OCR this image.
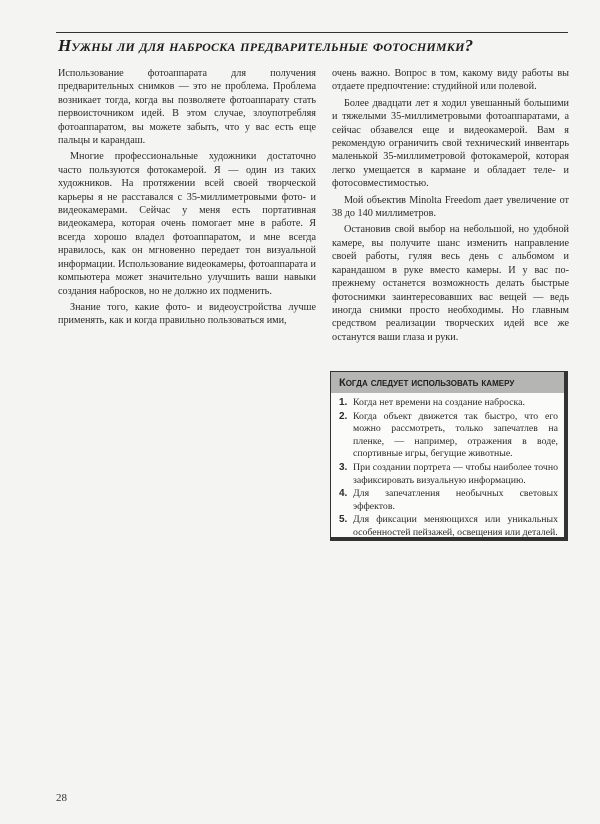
Нужны ли для наброска предварительные фотоснимки?

Использование фотоаппарата для получения предварительных снимков — это не проблема. Проблема возникает тогда, когда вы позволяете фотоаппарату стать первоисточником идей. В этом случае, злоупотребляя фотоаппаратом, вы можете забыть, что у вас есть еще пальцы и карандаш.

Многие профессиональные художники достаточно часто пользуются фотокамерой. Я — один из таких художников. На протяжении всей своей творческой карьеры я не расставался с 35-миллиметровыми фото- и видеокамерами. Сейчас у меня есть портативная видеокамера, которая очень помогает мне в работе. Я всегда хорошо владел фотоаппаратом, и мне всегда нравилось, как он мгновенно передает тон визуальной информации. Использование видеокамеры, фотоаппарата и компьютера может значительно улучшить ваши навыки создания набросков, но не должно их подменить.

Знание того, какие фото- и видеоустройства лучше применять, как и когда правильно пользоваться ими,

очень важно. Вопрос в том, какому виду работы вы отдаете предпочтение: студийной или полевой.

Более двадцати лет я ходил увешанный большими и тяжелыми 35-миллиметровыми фотоаппаратами, а сейчас обзавелся еще и видеокамерой. Вам я рекомендую ограничить свой технический инвентарь маленькой 35-миллиметровой фотокамерой, которая легко умещается в кармане и обладает теле- и фотосовместимостью.

Мой объектив Minolta Freedom дает увеличение от 38 до 140 миллиметров.

Остановив свой выбор на небольшой, но удобной камере, вы получите шанс изменить направление своей работы, гуляя весь день с альбомом и карандашом в руке вместо камеры. И у вас по-прежнему останется возможность делать быстрые фотоснимки заинтересовавших вас вещей — ведь иногда снимки просто необходимы. Но главным средством реализации творческих идей все же останутся ваши глаза и руки.

Когда следует использовать камеру
1. Когда нет времени на создание наброска.
2. Когда объект движется так быстро, что его можно рассмотреть, только запечатлев на пленке, — например, отражения в воде, спортивные игры, бегущие животные.
3. При создании портрета — чтобы наиболее точно зафиксировать визуальную информацию.
4. Для запечатления необычных световых эффектов.
5. Для фиксации меняющихся или уникальных особенностей пейзажей, освещения или деталей.
28
